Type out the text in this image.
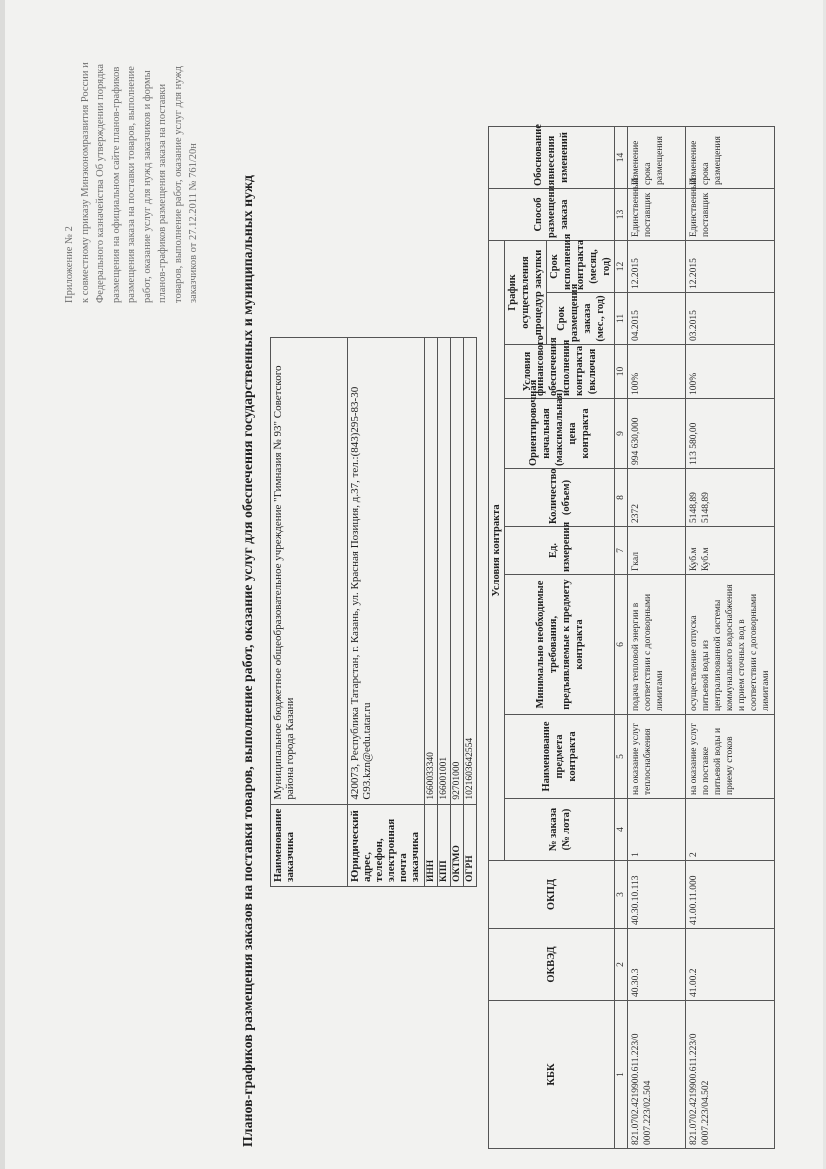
Приложение № 2 к совместному приказу Минэкономразвития России и Федерального казначейства Об утверждении порядка размещения на официальном сайте планов-графиков размещения заказа на поставки товаров, выполнение работ, оказание услуг для нужд заказчиков и формы планов-графиков размещения заказа на поставки товаров, выполнение работ, оказание услуг для нужд заказчиков от 27.12.2011 № 761/20н	Планов-графиков размещения заказов на поставки товаров, выполнение работ, оказание услуг для обеспечения государственных и муниципальных нужд Наименование заказчика	Муниципальное бюджетное общеобразовательное учреждение "Гимназия № 93" Советского района города Казани
Юридический адрес, телефон, электронная почта заказчика	420073, Республика Татарстан, г. Казань, ул. Красная Позиция, д.37, тел.:(843)295-83-30 G93.kzn@edu.tatar.ru
ИНН	1660033340
КПП	166001001
ОКТМО	92701000
ОГРН	1021603642554
КБК	ОКВЭД	ОКПД	Условия контракта									Способ размещения заказа	Обоснование внесения изменений
			№ заказа (№ лота)	Наименование предмета контракта	Минимально необходимые требования, предъявляемые к предмету контракта	Ед. измерения	Количество (объем)	Ориентировочная начальная (максимальная) цена контракта	Условия финансового обеспечения исполнения контракта (включая	График осуществления процедур закупки			
										Срок размещения заказа (мес., год)	Срок исполнения контракта (месяц, год)		
1	2	3	4	5	6	7	8	9	10	11	12	13	14
821.0702.4219900.611.223/0 0007.223/02.504	40.30.3	40.30.10.113	1	на оказание услуг теплоснабжения	подача тепловой энергии в соответствии с договорными лимитами	Гкал	2372	994 630,000	100%	04.2015	12.2015	Единственный поставщик	Изменение срока размещения
821.0702.4219900.611.223/0 0007.223/04.502	41.00.2	41.00.11.000	2	на оказание услуг по поставке питьевой воды и приему стоков	осуществление отпуска питьевой воды из централизованной системы коммунального водоснабжения и прием сточных вод в соответствии с договорными лимитами	Куб.м Куб.м	5148,89 5148,89	113 580,00	100%	03.2015	12.2015	Единственный поставщик	Изменение срока размещения
